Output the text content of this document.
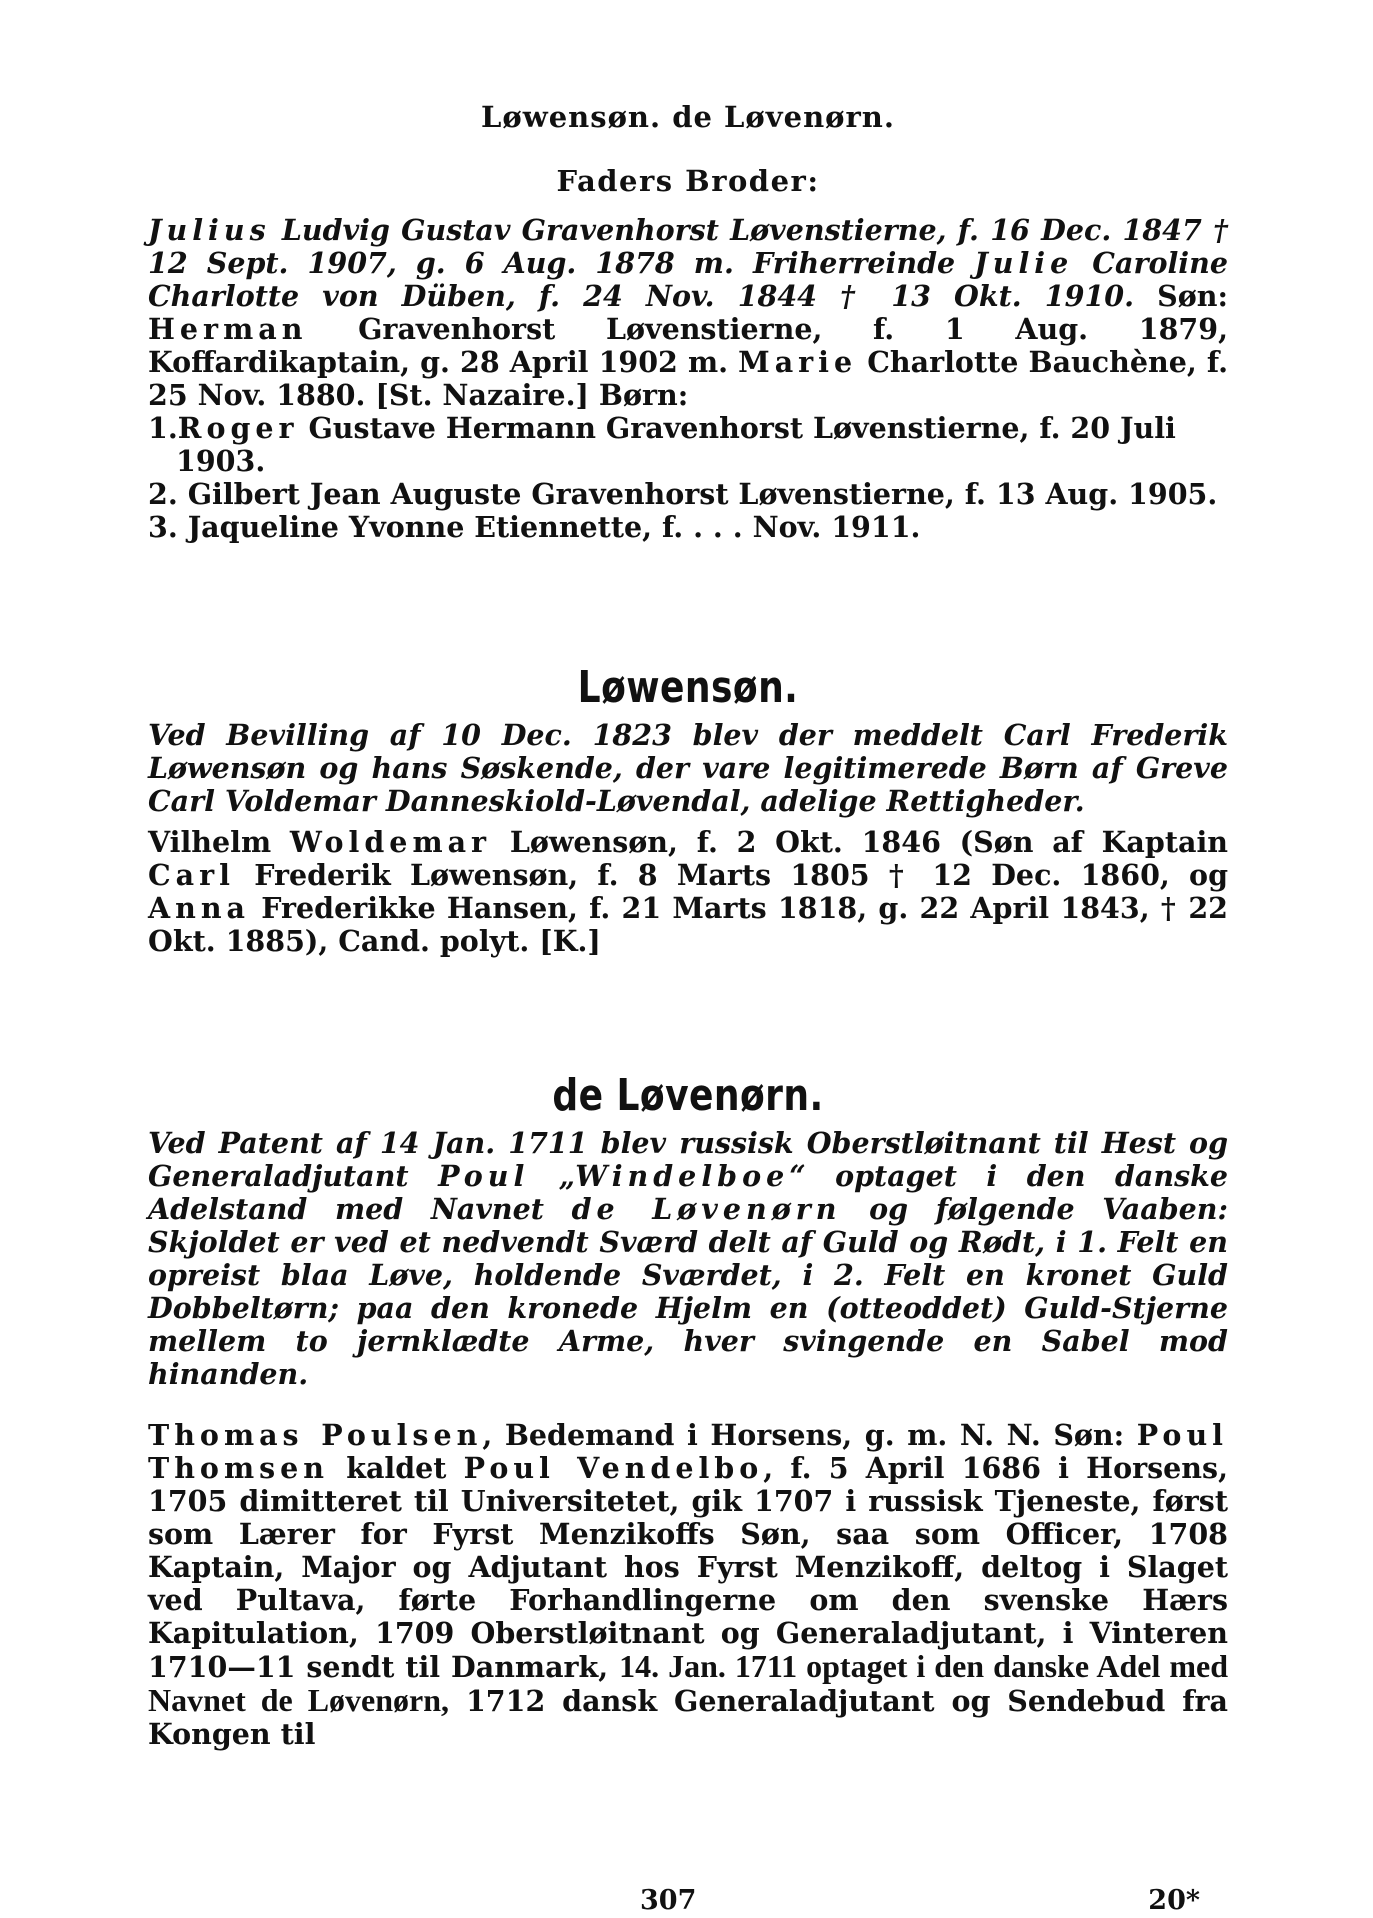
Løwensøn. de Løvenørn.
Faders Broder:

Julius Ludvig Gustav Gravenhorst Løvenstierne, f. 16 Dec. 1847 † 12 Sept. 1907, g. 6 Aug. 1878 m. Friherreinde Julie Caroline Charlotte von Düben, f. 24 Nov. 1844 † 13 Okt. 1910. Søn: Herman Gravenhorst Løvenstierne, f. 1 Aug. 1879, Koffardikaptain, g. 28 April 1902 m. Marie Charlotte Bauchène, f. 25 Nov. 1880. [St. Nazaire.] Børn:

1.Roger Gustave Hermann Gravenhorst Løvenstierne, f. 20 Juli 1903.
2. Gilbert Jean Auguste Gravenhorst Løvenstierne, f. 13 Aug. 1905.
3. Jaqueline Yvonne Etiennette, f. . . . Nov. 1911.
Løwensøn.

Ved Bevilling af 10 Dec. 1823 blev der meddelt Carl Frederik Løwensøn og hans Søskende, der vare legitimerede Børn af Greve Carl Voldemar Danneskiold-Løvendal, adelige Rettigheder.

Vilhelm Woldemar Løwensøn, f. 2 Okt. 1846 (Søn af Kaptain Carl Frederik Løwensøn, f. 8 Marts 1805 † 12 Dec. 1860, og Anna Frederikke Hansen, f. 21 Marts 1818, g. 22 April 1843, † 22 Okt. 1885), Cand. polyt. [K.]

de Løvenørn.

Ved Patent af 14 Jan. 1711 blev russisk Oberstløitnant til Hest og Generaladjutant Poul „Windelboe“ optaget i den danske Adelstand med Navnet de Løvenørn og følgende Vaaben: Skjoldet er ved et nedvendt Sværd delt af Guld og Rødt, i 1. Felt en opreist blaa Løve, holdende Sværdet, i 2. Felt en kronet Guld Dobbeltørn; paa den kronede Hjelm en (otteoddet) Guld-Stjerne mellem to jernklædte Arme, hver svingende en Sabel mod hinanden.

Thomas Poulsen, Bedemand i Horsens, g. m. N. N. Søn: Poul Thomsen kaldet Poul Vendelbo, f. 5 April 1686 i Horsens, 1705 dimitteret til Universitetet, gik 1707 i russisk Tjeneste, først som Lærer for Fyrst Menzikoffs Søn, saa som Officer, 1708 Kaptain, Major og Adjutant hos Fyrst Menzikoff, deltog i Slaget ved Pultava, førte Forhandlingerne om den svenske Hærs Kapitulation, 1709 Oberstløitnant og Generaladjutant, i Vinteren 1710—11 sendt til Danmark, 14. Jan. 1711 optaget i den danske Adel med Navnet de Løvenørn, 1712 dansk Generaladjutant og Sendebud fra Kongen til

307	20*
